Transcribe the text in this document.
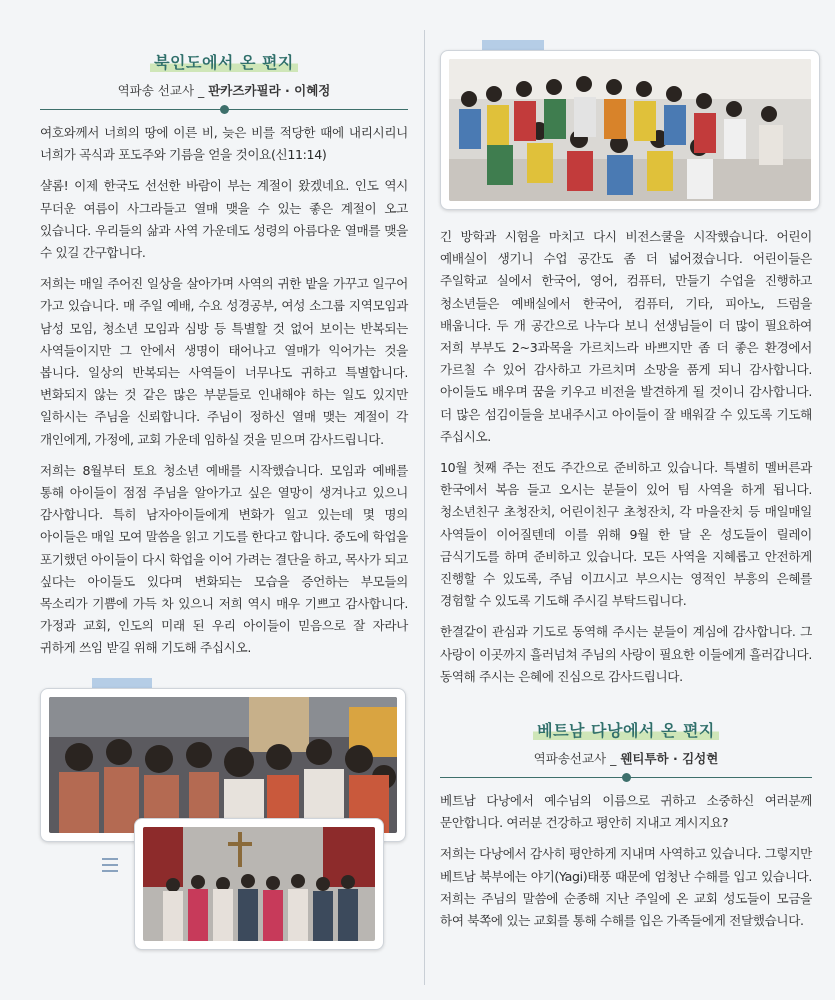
북인도에서 온 편지
역파송 선교사 _ 판카즈카필라 · 이혜정

여호와께서 너희의 땅에 이른 비, 늦은 비를 적당한 때에 내리시리니 너희가 곡식과 포도주와 기름을 얻을 것이요(신11:14)

샬롬! 이제 한국도 선선한 바람이 부는 계절이 왔겠네요. 인도 역시 무더운 여름이 사그라들고 열매 맺을 수 있는 좋은 계절이 오고 있습니다. 우리들의 삶과 사역 가운데도 성령의 아름다운 열매를 맺을 수 있길 간구합니다.

저희는 매일 주어진 일상을 살아가며 사역의 귀한 밭을 가꾸고 일구어 가고 있습니다. 매 주일 예배, 수요 성경공부, 여성 소그룹 지역모임과 남성 모임, 청소년 모임과 심방 등 특별할 것 없어 보이는 반복되는 사역들이지만 그 안에서 생명이 태어나고 열매가 익어가는 것을 봅니다. 일상의 반복되는 사역들이 너무나도 귀하고 특별합니다. 변화되지 않는 것 같은 많은 부분들로 인내해야 하는 일도 있지만 일하시는 주님을 신뢰합니다. 주님이 정하신 열매 맺는 계절이 각 개인에게, 가정에, 교회 가운데 임하실 것을 믿으며 감사드립니다.

저희는 8월부터 토요 청소년 예배를 시작했습니다. 모임과 예배를 통해 아이들이 점점 주님을 알아가고 싶은 열망이 생겨나고 있으니 감사합니다. 특히 남자아이들에게 변화가 일고 있는데 몇 명의 아이들은 매일 모여 말씀을 읽고 기도를 한다고 합니다. 중도에 학업을 포기했던 아이들이 다시 학업을 이어 가려는 결단을 하고, 목사가 되고 싶다는 아이들도 있다며 변화되는 모습을 증언하는 부모들의 목소리가 기쁨에 가득 차 있으니 저희 역시 매우 기쁘고 감사합니다. 가정과 교회, 인도의 미래 된 우리 아이들이 믿음으로 잘 자라나 귀하게 쓰임 받길 위해 기도해 주십시오.

긴 방학과 시험을 마치고 다시 비전스쿨을 시작했습니다. 어린이 예배실이 생기니 수업 공간도 좀 더 넓어졌습니다. 어린이들은 주일학교 실에서 한국어, 영어, 컴퓨터, 만들기 수업을 진행하고 청소년들은 예배실에서 한국어, 컴퓨터, 기타, 피아노, 드럼을 배웁니다. 두 개 공간으로 나누다 보니 선생님들이 더 많이 필요하여 저희 부부도 2~3과목을 가르치느라 바쁘지만 좀 더 좋은 환경에서 가르칠 수 있어 감사하고 가르치며 소망을 품게 되니 감사합니다. 아이들도 배우며 꿈을 키우고 비전을 발견하게 될 것이니 감사합니다. 더 많은 섬김이들을 보내주시고 아이들이 잘 배워갈 수 있도록 기도해 주십시오.

10월 첫째 주는 전도 주간으로 준비하고 있습니다. 특별히 멜버른과 한국에서 복음 들고 오시는 분들이 있어 팀 사역을 하게 됩니다. 청소년친구 초청잔치, 어린이친구 초청잔치, 각 마을잔치 등 매일매일 사역들이 이어질텐데 이를 위해 9월 한 달 온 성도들이 릴레이 금식기도를 하며 준비하고 있습니다. 모든 사역을 지혜롭고 안전하게 진행할 수 있도록, 주님 이끄시고 부으시는 영적인 부흥의 은혜를 경험할 수 있도록 기도해 주시길 부탁드립니다.

한결같이 관심과 기도로 동역해 주시는 분들이 계심에 감사합니다. 그 사랑이 이곳까지 흘러넘쳐 주님의 사랑이 필요한 이들에게 흘러갑니다. 동역해 주시는 은혜에 진심으로 감사드립니다.

베트남 다낭에서 온 편지
역파송선교사 _ 웬티투하 · 김성현

베트남 다낭에서 예수님의 이름으로 귀하고 소중하신 여러분께 문안합니다. 여러분 건강하고 평안히 지내고 계시지요?

저희는 다낭에서 감사히 평안하게 지내며 사역하고 있습니다. 그렇지만 베트남 북부에는 야기(Yagi)태풍 때문에 엄청난 수해를 입고 있습니다. 저희는 주님의 말씀에 순종해 지난 주일에 온 교회 성도들이 모금을 하여 북쪽에 있는 교회를 통해 수해를 입은 가족들에게 전달했습니다.
